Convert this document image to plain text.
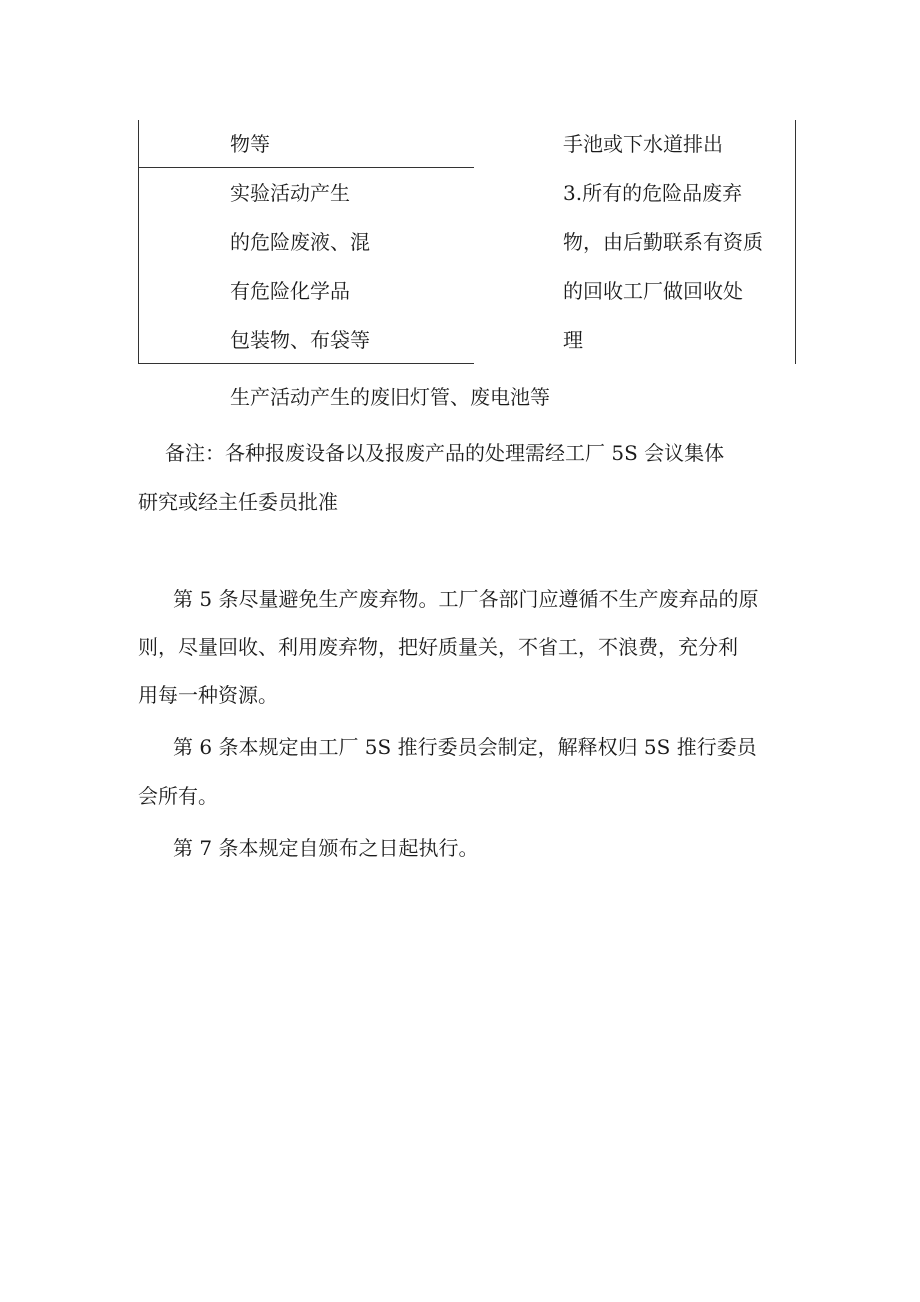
物等
实验活动产生
的危险废液、混
有危险化学品
包装物、布袋等
手池或下水道排出
3.所有的危险品废弃
物，由后勤联系有资质
的回收工厂做回收处
理
生产活动产生的废旧灯管、废电池等
备注：各种报废设备以及报废产品的处理需经工厂 5S 会议集体
研究或经主任委员批准
第 5 条尽量避免生产废弃物。工厂各部门应遵循不生产废弃品的原
则，尽量回收、利用废弃物，把好质量关，不省工，不浪费，充分利
用每一种资源。
第 6 条本规定由工厂 5S 推行委员会制定，解释权归 5S 推行委员
会所有。
第 7 条本规定自颁布之日起执行。
